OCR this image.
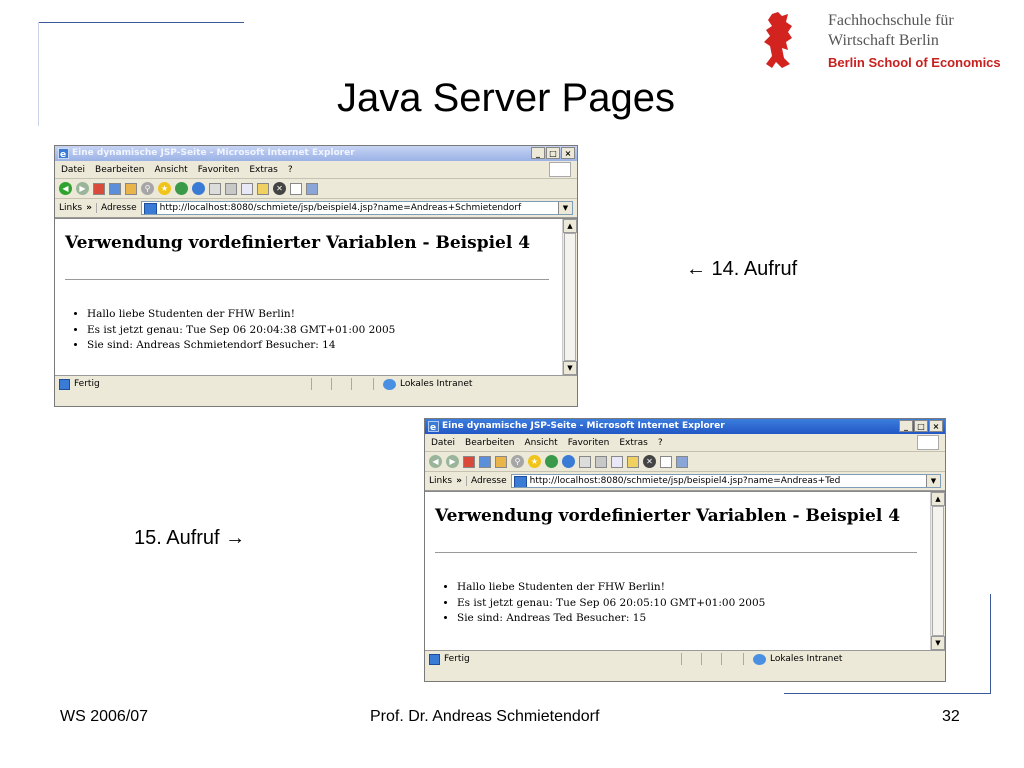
Fachhochschule für
Wirtschaft Berlin
Berlin School of Economics
Java Server Pages
e Eine dynamische JSP-Seite - Microsoft Internet Explorer	_	□ ×
Datei Bearbeiten Ansicht Favoriten Extras ?
◀	▶	⚲	★	✕
Links »	Adresse	http://localhost:8080/schmiete/jsp/beispiel4.jsp?name=Andreas+Schmietendorf	▼
Verwendung vordefinierter Variablen - Beispiel 4
• Hallo liebe Studenten der FHW Berlin!
• Es ist jetzt genau: Tue Sep 06 20:04:38 GMT+01:00 2005
• Sie sind: Andreas Schmietendorf Besucher: 14
▲
▼
Fertig	Lokales Intranet
← 14. Aufruf
e Eine dynamische JSP-Seite - Microsoft Internet Explorer	_	□ ×
Datei Bearbeiten Ansicht Favoriten Extras ?
◀	▶	⚲	★	✕
Links »	Adresse	http://localhost:8080/schmiete/jsp/beispiel4.jsp?name=Andreas+Ted	▼
Verwendung vordefinierter Variablen - Beispiel 4
• Hallo liebe Studenten der FHW Berlin!
• Es ist jetzt genau: Tue Sep 06 20:05:10 GMT+01:00 2005
• Sie sind: Andreas Ted Besucher: 15
▲
▼
Fertig	Lokales Intranet
15. Aufruf →
WS 2006/07	Prof. Dr. Andreas Schmietendorf	32
